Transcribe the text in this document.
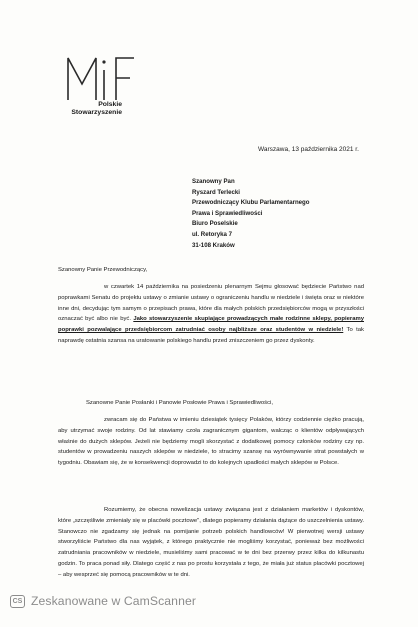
Polskie
Stowarzyszenie
Warszawa, 13 października 2021 r.
Szanowny Pan
Ryszard Terlecki
Przewodniczący Klubu Parlamentarnego
Prawa i Sprawiedliwości
Biuro Poselskie
ul. Retoryka 7
31-108 Kraków
Szanowny Panie Przewodniczący,
w czwartek 14 października na posiedzeniu plenarnym Sejmu głosować będziecie Państwo nad poprawkami Senatu do projektu ustawy o zmianie ustawy o ograniczeniu handlu w niedziele i święta oraz w niektóre inne dni, decydując tym samym o przepisach prawa, które dla małych polskich przedsiębiorców mogą w przyszłości oznaczać być albo nie być. Jako stowarzyszenie skupiające prowadzących małe rodzinne sklepy, popieramy poprawki pozwalające przedsiębiorcom zatrudniać osoby najbliższe oraz studentów w niedziele! To tak naprawdę ostatnia szansa na uratowanie polskiego handlu przed zniszczeniem go przez dyskonty.
Szanowne Panie Posłanki i Panowie Posłowie Prawa i Sprawiedliwości,
zwracam się do Państwa w imieniu dziesiątek tysięcy Polaków, którzy codziennie ciężko pracują, aby utrzymać swoje rodziny. Od lat stawiamy czoła zagranicznym gigantom, walcząc o klientów odpływających właśnie do dużych sklepów. Jeżeli nie będziemy mogli skorzystać z dodatkowej pomocy członków rodziny czy np. studentów w prowadzeniu naszych sklepów w niedziele, to stracimy szansę na wyrównywanie strat powstałych w tygodniu. Obawiam się, że w konsekwencji doprowadzi to do kolejnych upadłości małych sklepów w Polsce.
Rozumiemy, że obecna nowelizacja ustawy związana jest z działaniem marketów i dyskontów, które „szczęśliwie zmieniały się w placówki pocztowe", dlatego popieramy działania dążące do uszczelnienia ustawy. Stanowczo nie zgadzamy się jednak na pomijanie potrzeb polskich handlowców! W pierwotnej wersji ustawy stworzyliście Państwo dla nas wyjątek, z którego praktycznie nie mogliśmy korzystać, ponieważ bez możliwości zatrudniania pracowników w niedziele, musieliśmy sami pracować w te dni bez przerwy przez kilka do kilkunastu godzin. To praca ponad siły. Dlatego część z nas po prostu korzystała z tego, że miała już status placówki pocztowej – aby wesprzeć się pomocą pracowników w te dni.
CS Zeskanowane w CamScanner
